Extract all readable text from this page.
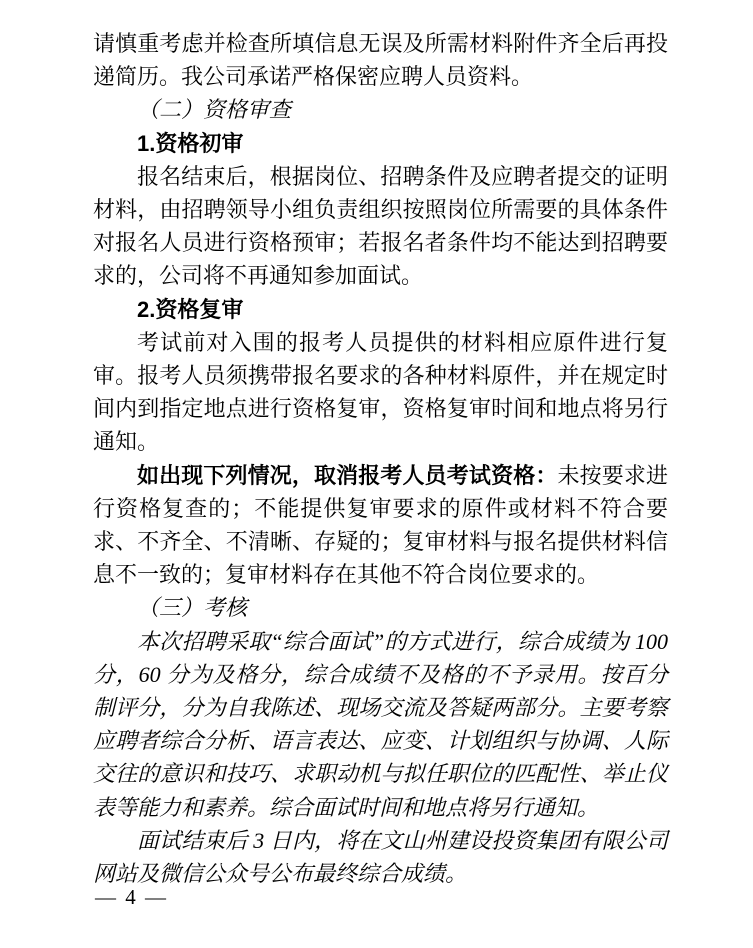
请慎重考虑并检查所填信息无误及所需材料附件齐全后再投递简历。我公司承诺严格保密应聘人员资料。

（二）资格审查

1.资格初审

报名结束后，根据岗位、招聘条件及应聘者提交的证明材料，由招聘领导小组负责组织按照岗位所需要的具体条件对报名人员进行资格预审；若报名者条件均不能达到招聘要求的，公司将不再通知参加面试。

2.资格复审

考试前对入围的报考人员提供的材料相应原件进行复审。报考人员须携带报名要求的各种材料原件，并在规定时间内到指定地点进行资格复审，资格复审时间和地点将另行通知。

如出现下列情况，取消报考人员考试资格：未按要求进行资格复查的；不能提供复审要求的原件或材料不符合要求、不齐全、不清晰、存疑的；复审材料与报名提供材料信息不一致的；复审材料存在其他不符合岗位要求的。

（三）考核

本次招聘采取“综合面试”的方式进行，综合成绩为 100 分，60 分为及格分，综合成绩不及格的不予录用。按百分制评分，分为自我陈述、现场交流及答疑两部分。主要考察应聘者综合分析、语言表达、应变、计划组织与协调、人际交往的意识和技巧、求职动机与拟任职位的匹配性、举止仪表等能力和素养。综合面试时间和地点将另行通知。

面试结束后 3 日内，将在文山州建设投资集团有限公司网站及微信公众号公布最终综合成绩。

— 4 —
